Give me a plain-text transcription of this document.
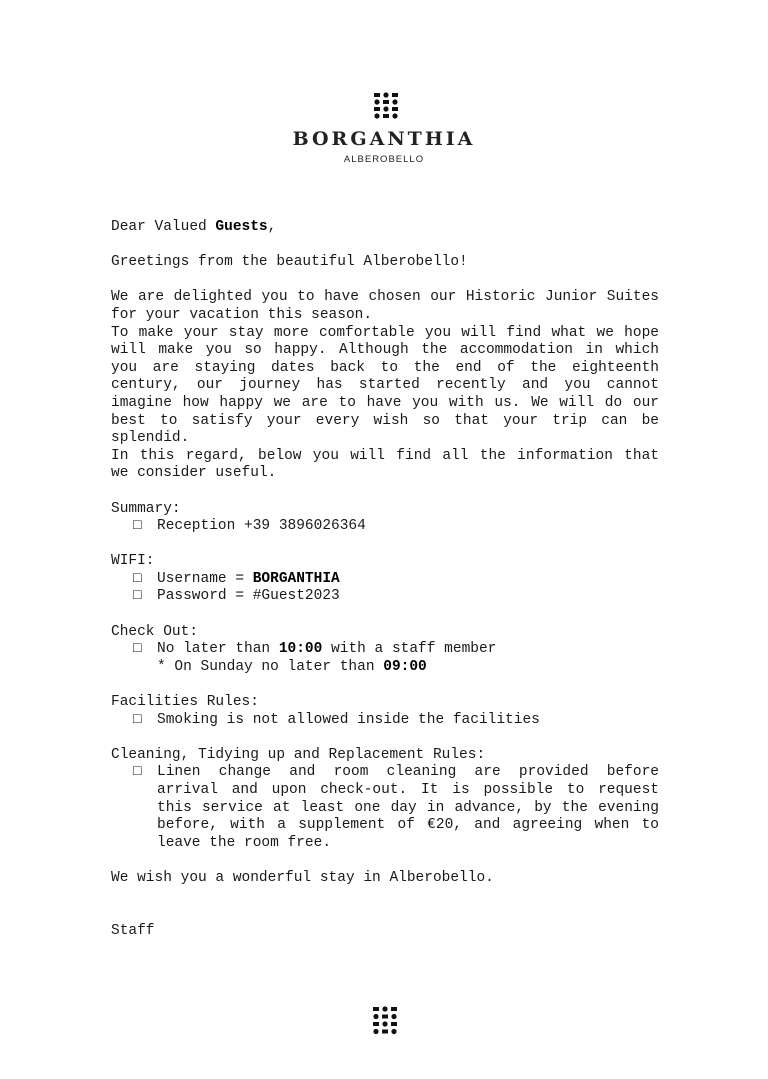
BORGANTHIA
ALBEROBELLO

Dear Valued Guests,

Greetings from the beautiful Alberobello!

We are delighted you to have chosen our Historic Junior Suites for your vacation this season.

To make your stay more comfortable you will find what we hope will make you so happy. Although the accommodation in which you are staying dates back to the end of the eighteenth century, our journey has started recently and you cannot imagine how happy we are to have you with us. We will do our best to satisfy your every wish so that your trip can be splendid.

In this regard, below you will find all the information that we consider useful.

Summary:

□	Reception +39 3896026364

WIFI:

□	Username = BORGANTHIA
□	Password = #Guest2023

Check Out:

□	No later than 10:00 with a staff member

* On Sunday no later than 09:00

Facilities Rules:

□	Smoking is not allowed inside the facilities

Cleaning, Tidying up and Replacement Rules:

□	Linen change and room cleaning are provided before arrival and upon check-out. It is possible to request this service at least one day in advance, by the evening before, with a supplement of €20, and agreeing when to leave the room free.

We wish you a wonderful stay in Alberobello.

Staff
